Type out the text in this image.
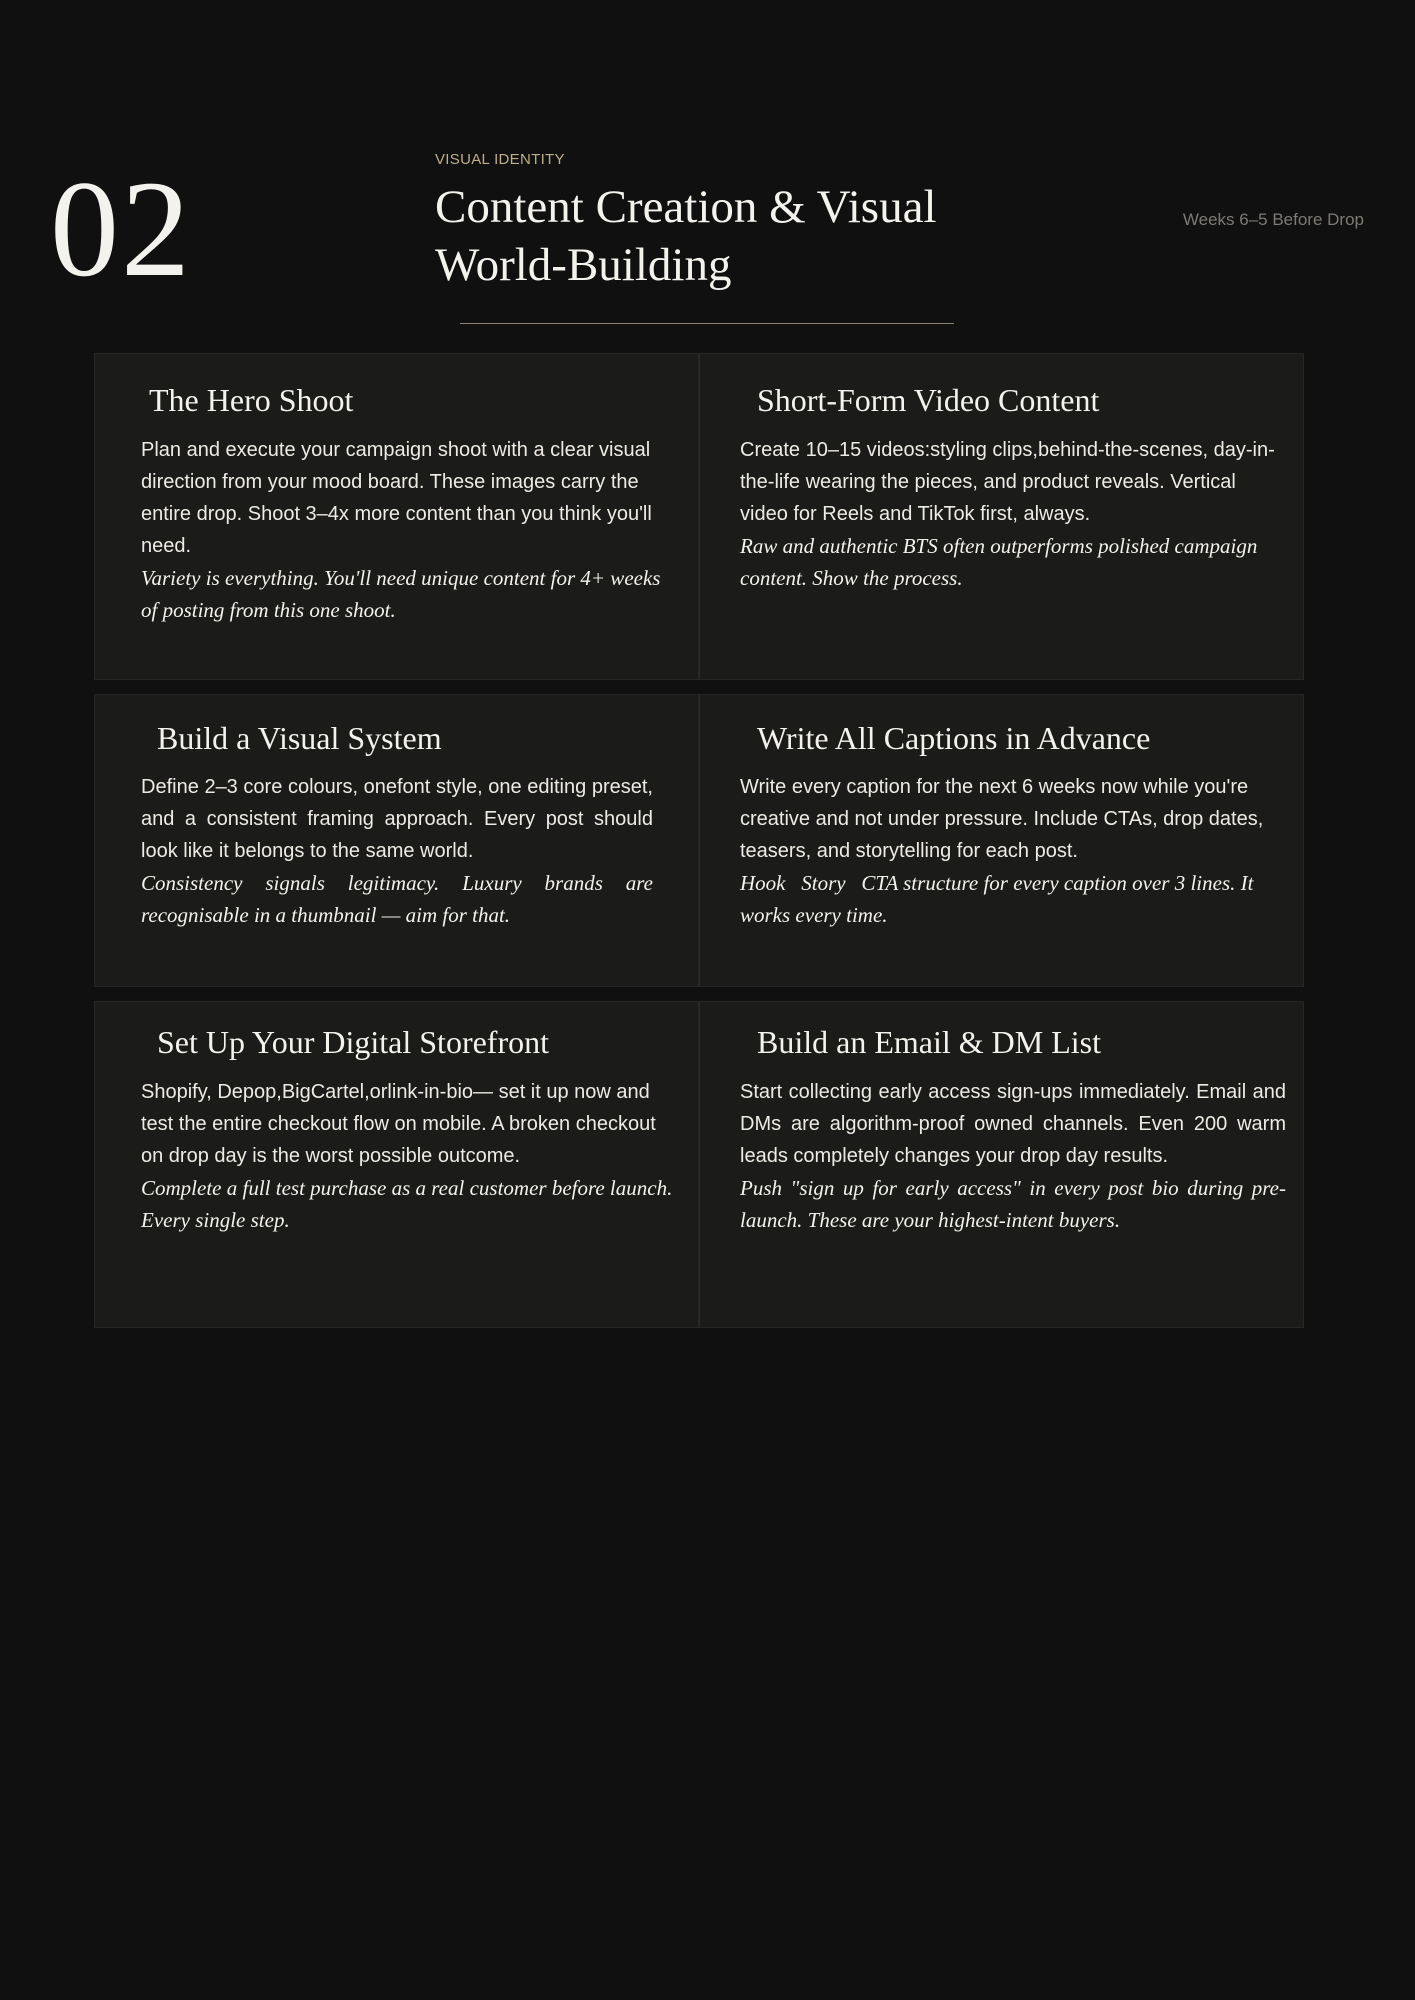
02	VISUAL IDENTITY
Content Creation & Visual World-Building
Weeks 6–5 Before Drop
The Hero Shoot

Plan and execute your campaign shoot with a clear visual direction from your mood board. These images carry the entire drop. Shoot 3–4x more content than you think you'll need.
Variety is everything. You'll need unique content for 4+ weeks of posting from this one shoot.

Short-Form Video Content

Create 10–15 videos:styling clips,behind-the-scenes, day-in-the-life wearing the pieces, and product reveals. Vertical video for Reels and TikTok first, always.
Raw and authentic BTS often outperforms polished campaign content. Show the process.

Build a Visual System

Define 2–3 core colours, onefont style, one editing preset, and a consistent framing approach. Every post should look like it belongs to the same world.
Consistency signals legitimacy. Luxury brands are recognisable in a thumbnail — aim for that.

Write All Captions in Advance

Write every caption for the next 6 weeks now while you're creative and not under pressure. Include CTAs, drop dates, teasers, and storytelling for each post.
Hook   Story   CTA structure for every caption over 3 lines. It works every time.

Set Up Your Digital Storefront

Shopify, Depop,BigCartel,orlink-in-bio— set it up now and test the entire checkout flow on mobile. A broken checkout on drop day is the worst possible outcome.
Complete a full test purchase as a real customer before launch. Every single step.

Build an Email & DM List

Start collecting early access sign-ups immediately. Email and DMs are algorithm-proof owned channels. Even 200 warm leads completely changes your drop day results.
Push "sign up for early access" in every post bio during pre-launch. These are your highest-intent buyers.
